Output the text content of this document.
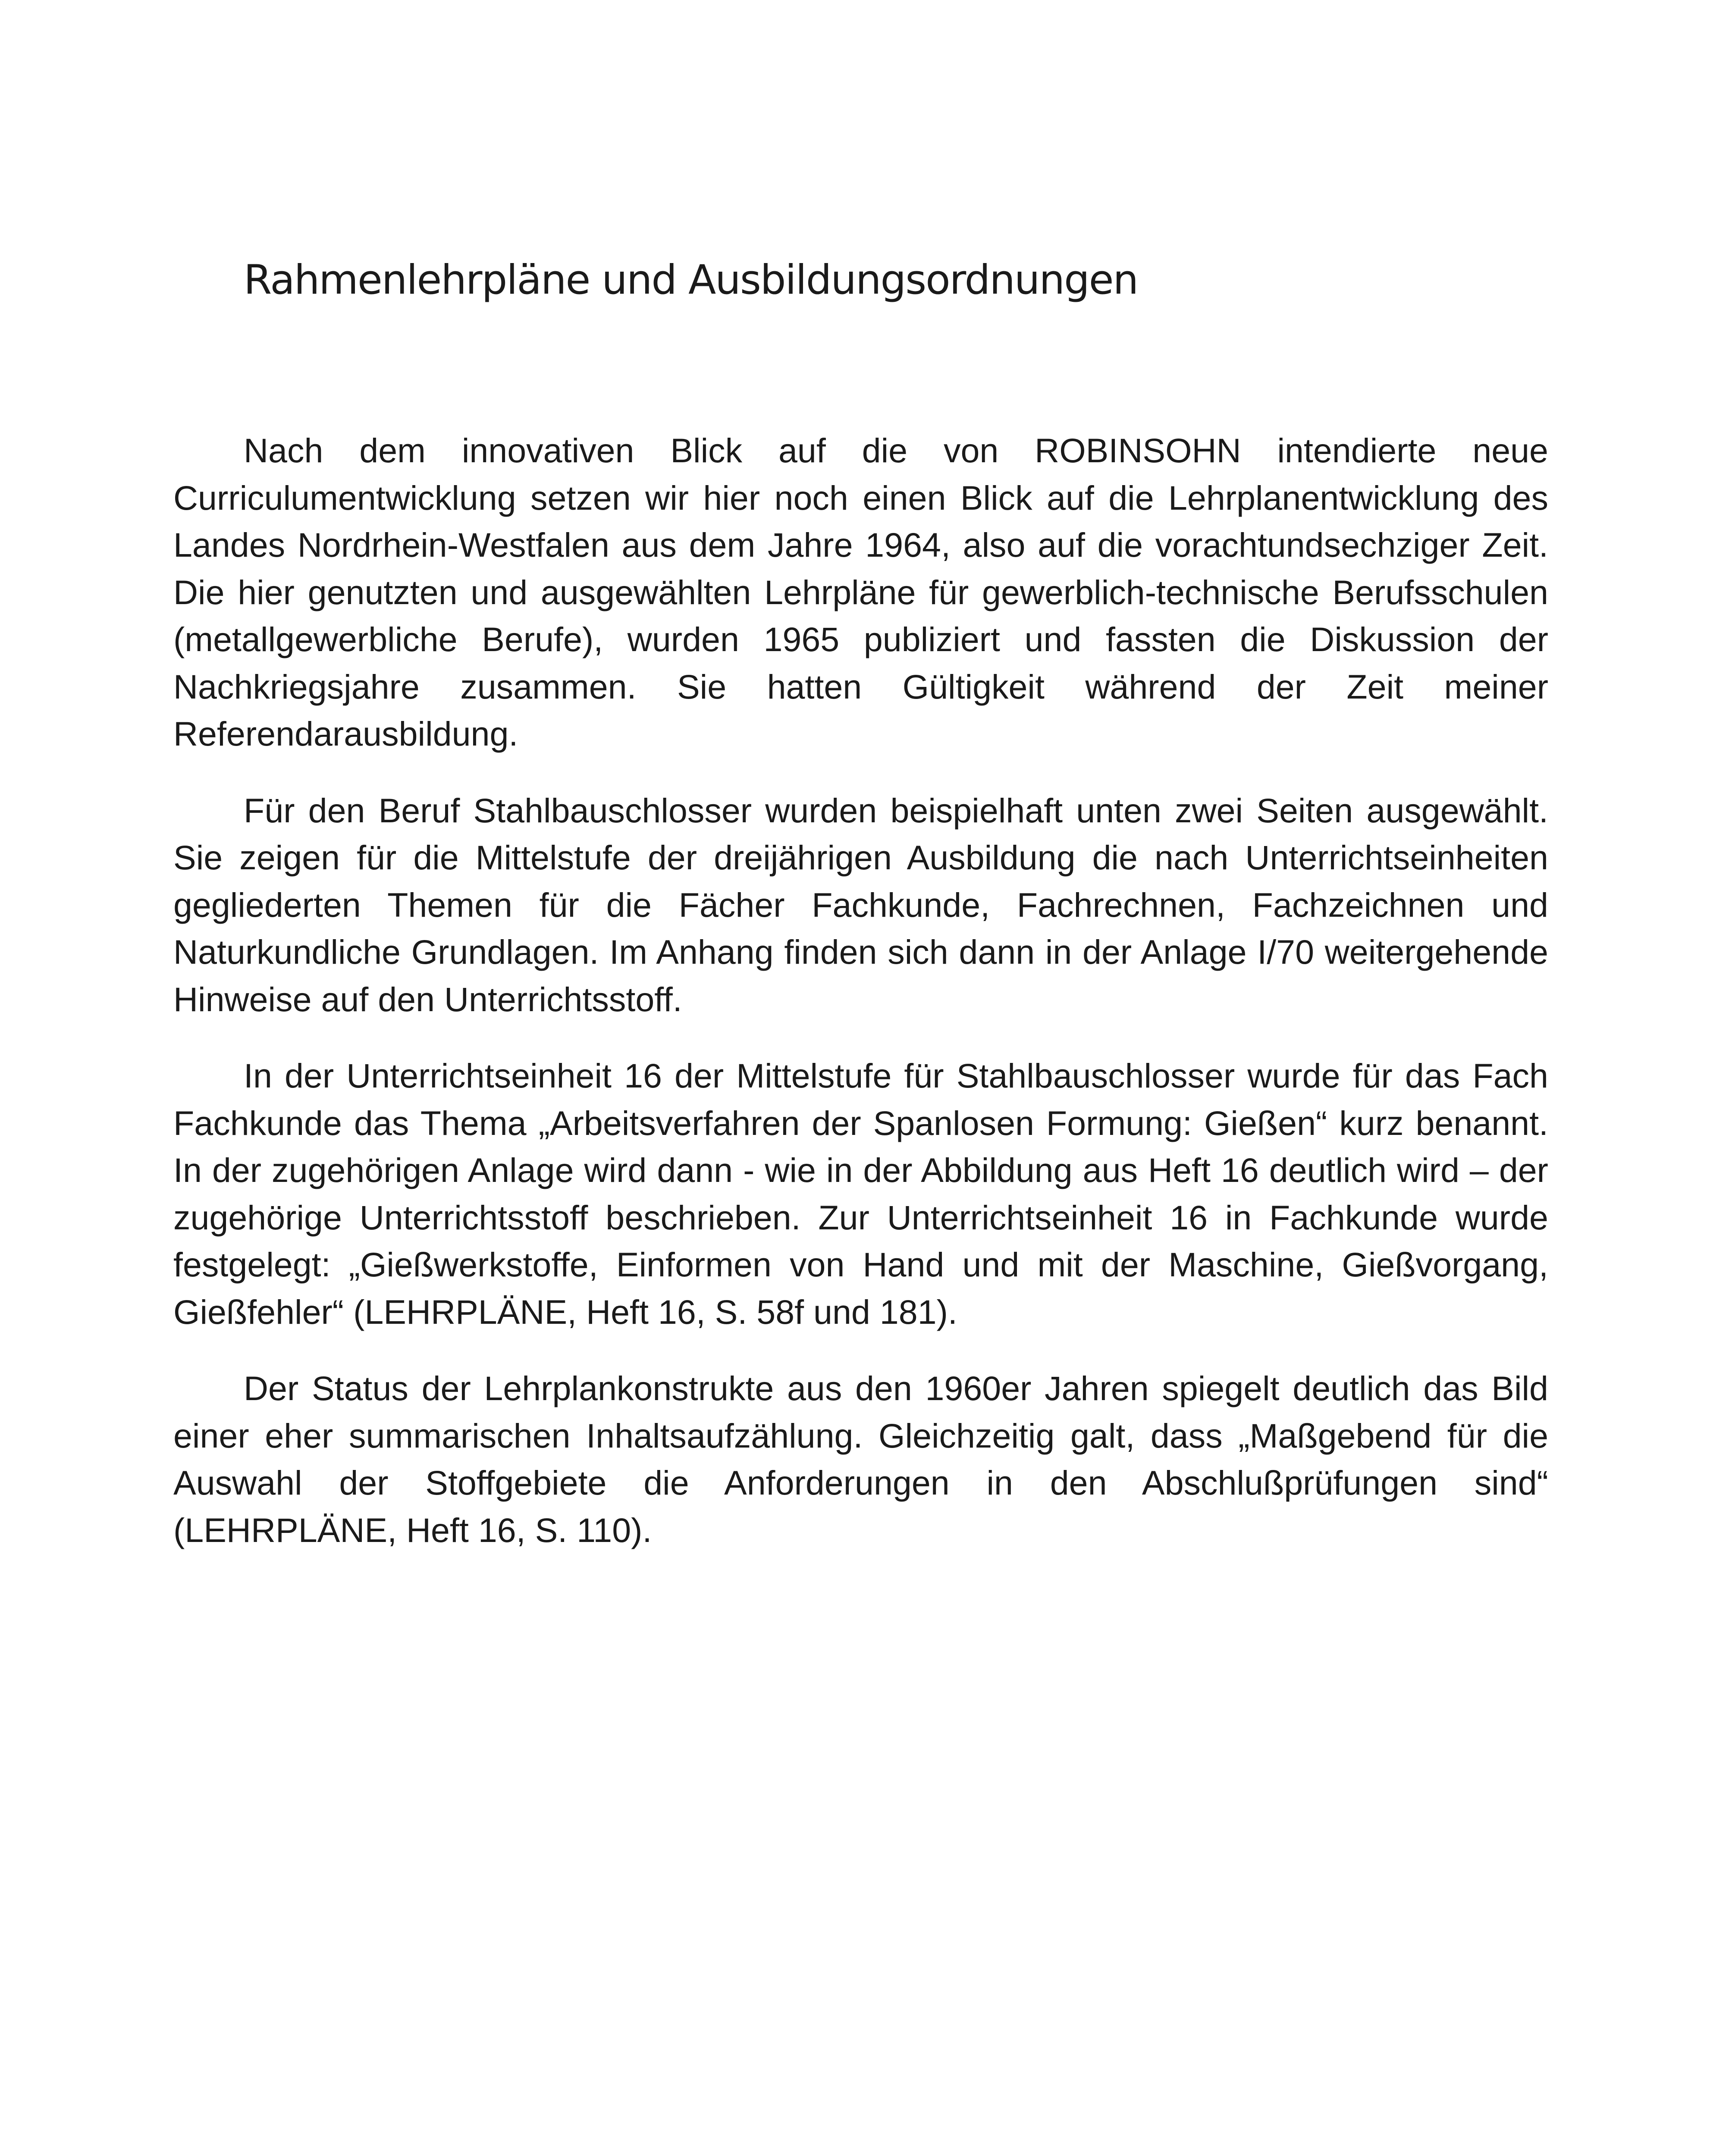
Rahmenlehrpläne und Ausbildungsordnungen

Nach dem innovativen Blick auf die von ROBINSOHN intendierte neue Curriculumentwicklung setzen wir hier noch einen Blick auf die Lehrplanentwicklung des Landes Nordrhein-Westfalen aus dem Jahre 1964, also auf die vorachtundsechziger Zeit. Die hier genutzten und ausgewählten Lehrpläne für gewerblich-technische Berufsschulen (metallgewerbliche Berufe), wurden 1965 publiziert und fassten die Diskussion der Nachkriegsjahre zusammen. Sie hatten Gültigkeit während der Zeit meiner Referendarausbildung.

Für den Beruf Stahlbauschlosser wurden beispielhaft unten zwei Seiten ausgewählt. Sie zeigen für die Mittelstufe der dreijährigen Ausbildung die nach Unterrichtseinheiten gegliederten Themen für die Fächer Fachkunde, Fachrechnen, Fachzeichnen und Naturkundliche Grundlagen. Im Anhang finden sich dann in der Anlage I/70 weitergehende Hinweise auf den Unterrichtsstoff.

In der Unterrichtseinheit 16 der Mittelstufe für Stahlbauschlosser wurde für das Fach Fachkunde das Thema „Arbeitsverfahren der Spanlosen Formung: Gießen“ kurz benannt. In der zugehörigen Anlage wird dann - wie in der Abbildung aus Heft 16 deutlich wird – der zugehörige Unterrichtsstoff beschrieben. Zur Unterrichtseinheit 16 in Fachkunde wurde festgelegt: „Gießwerkstoffe, Einformen von Hand und mit der Maschine, Gießvorgang, Gießfehler“ (LEHRPLÄNE, Heft 16, S. 58f und 181).

Der Status der Lehrplankonstrukte aus den 1960er Jahren spiegelt deutlich das Bild einer eher summarischen Inhaltsaufzählung. Gleichzeitig galt, dass „Maßgebend für die Auswahl der Stoffgebiete die Anforderungen in den Abschlußprüfungen sind“ (LEHRPLÄNE, Heft 16, S. 110).
